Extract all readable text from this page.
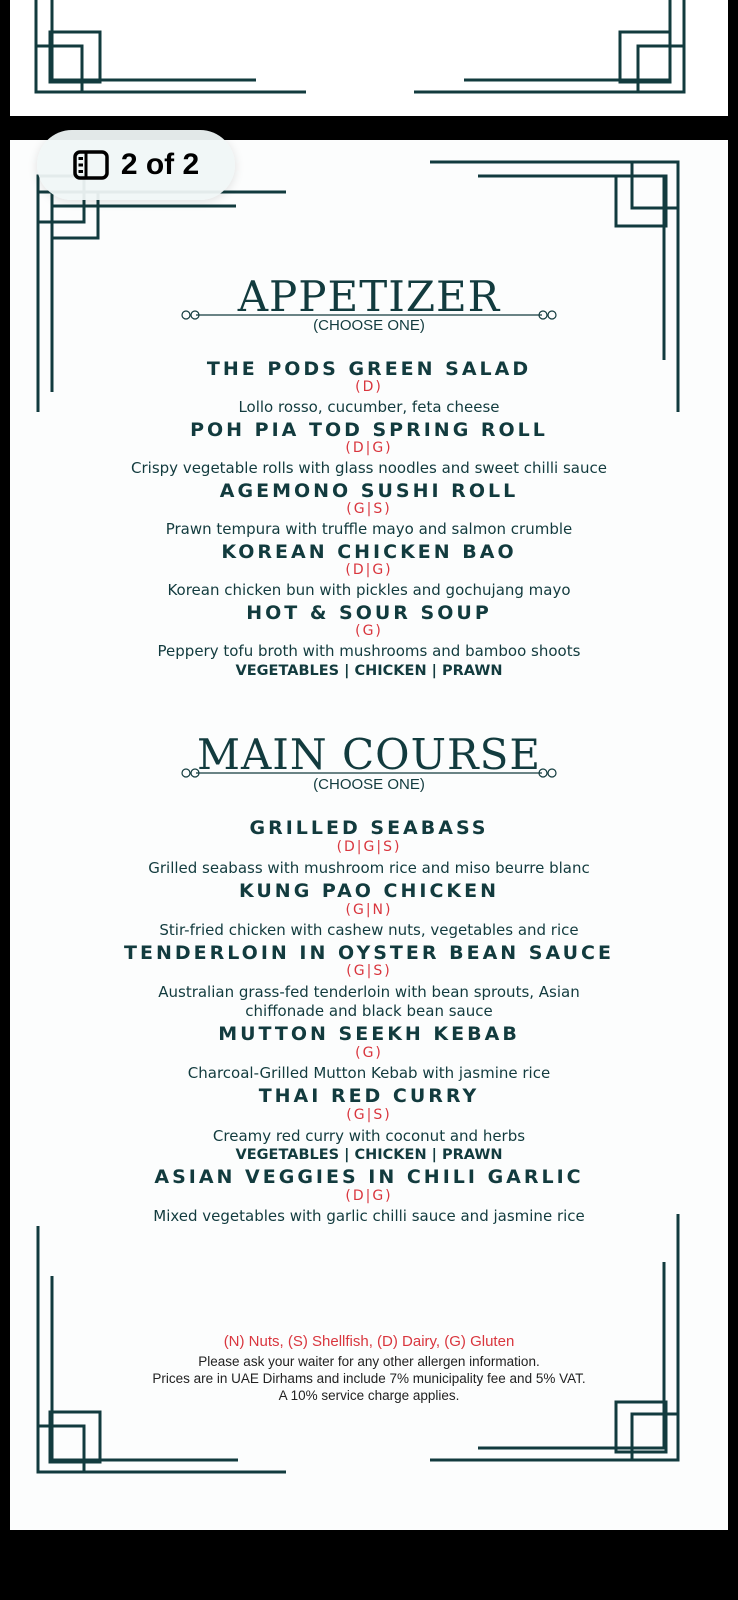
APPETIZER
(CHOOSE ONE)
THE PODS GREEN SALAD
(D)
Lollo rosso, cucumber, feta cheese
POH PIA TOD SPRING ROLL
(D|G)
Crispy vegetable rolls with glass noodles and sweet chilli sauce
AGEMONO SUSHI ROLL
(G|S)
Prawn tempura with truffle mayo and salmon crumble
KOREAN CHICKEN BAO
(D|G)
Korean chicken bun with pickles and gochujang mayo
HOT & SOUR SOUP
(G)
Peppery tofu broth with mushrooms and bamboo shoots
VEGETABLES | CHICKEN | PRAWN
MAIN COURSE
(CHOOSE ONE)
GRILLED SEABASS
(D|G|S)
Grilled seabass with mushroom rice and miso beurre blanc
KUNG PAO CHICKEN
(G|N)
Stir-fried chicken with cashew nuts, vegetables and rice
TENDERLOIN IN OYSTER BEAN SAUCE
(G|S)
Australian grass-fed tenderloin with bean sprouts, Asian
chiffonade and black bean sauce
MUTTON SEEKH KEBAB
(G)
Charcoal-Grilled Mutton Kebab with jasmine rice
THAI RED CURRY
(G|S)
Creamy red curry with coconut and herbs
VEGETABLES | CHICKEN | PRAWN
ASIAN VEGGIES IN CHILI GARLIC
(D|G)
Mixed vegetables with garlic chilli sauce and jasmine rice
(N) Nuts, (S) Shellfish, (D) Dairy, (G) Gluten
Please ask your waiter for any other allergen information.
Prices are in UAE Dirhams and include 7% municipality fee and 5% VAT.
A 10% service charge applies.
2 of 2
